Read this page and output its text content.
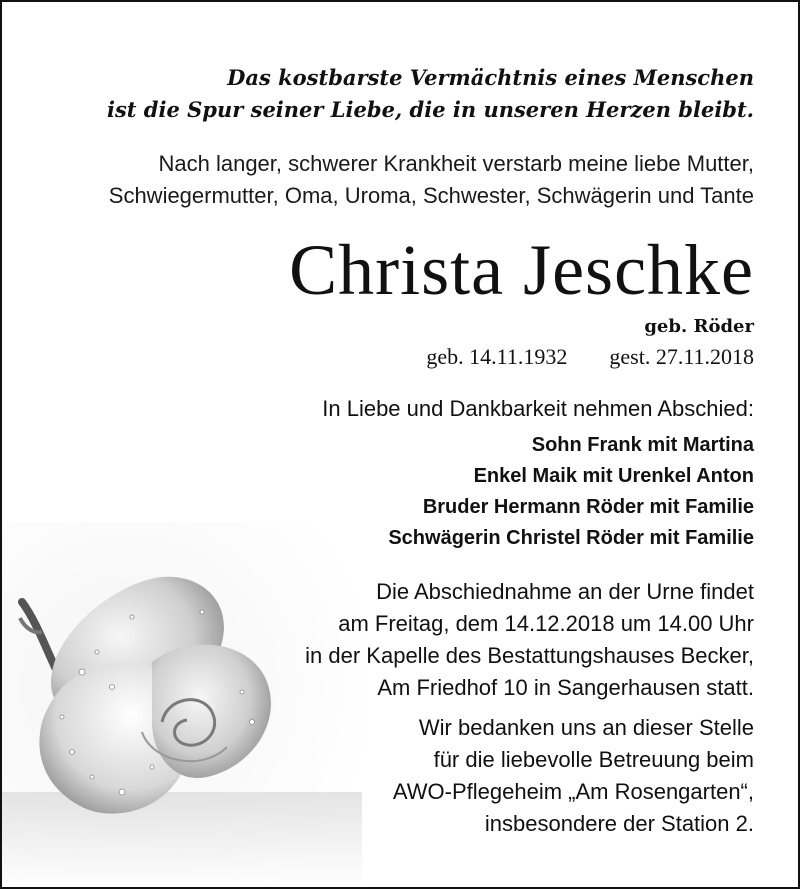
Das kostbarste Vermächtnis eines Menschen
ist die Spur seiner Liebe, die in unseren Herzen bleibt.
Nach langer, schwerer Krankheit verstarb meine liebe Mutter,
Schwiegermutter, Oma, Uroma, Schwester, Schwägerin und Tante
Christa Jeschke
geb. Röder
geb. 14.11.1932 gest. 27.11.2018
In Liebe und Dankbarkeit nehmen Abschied:
Sohn Frank mit Martina
Enkel Maik mit Urenkel Anton
Bruder Hermann Röder mit Familie
Schwägerin Christel Röder mit Familie
Die Abschiednahme an der Urne findet
am Freitag, dem 14.12.2018 um 14.00 Uhr
in der Kapelle des Bestattungshauses Becker,
Am Friedhof 10 in Sangerhausen statt.
Wir bedanken uns an dieser Stelle
für die liebevolle Betreuung beim
AWO-Pflegeheim „Am Rosengarten“,
insbesondere der Station 2.
